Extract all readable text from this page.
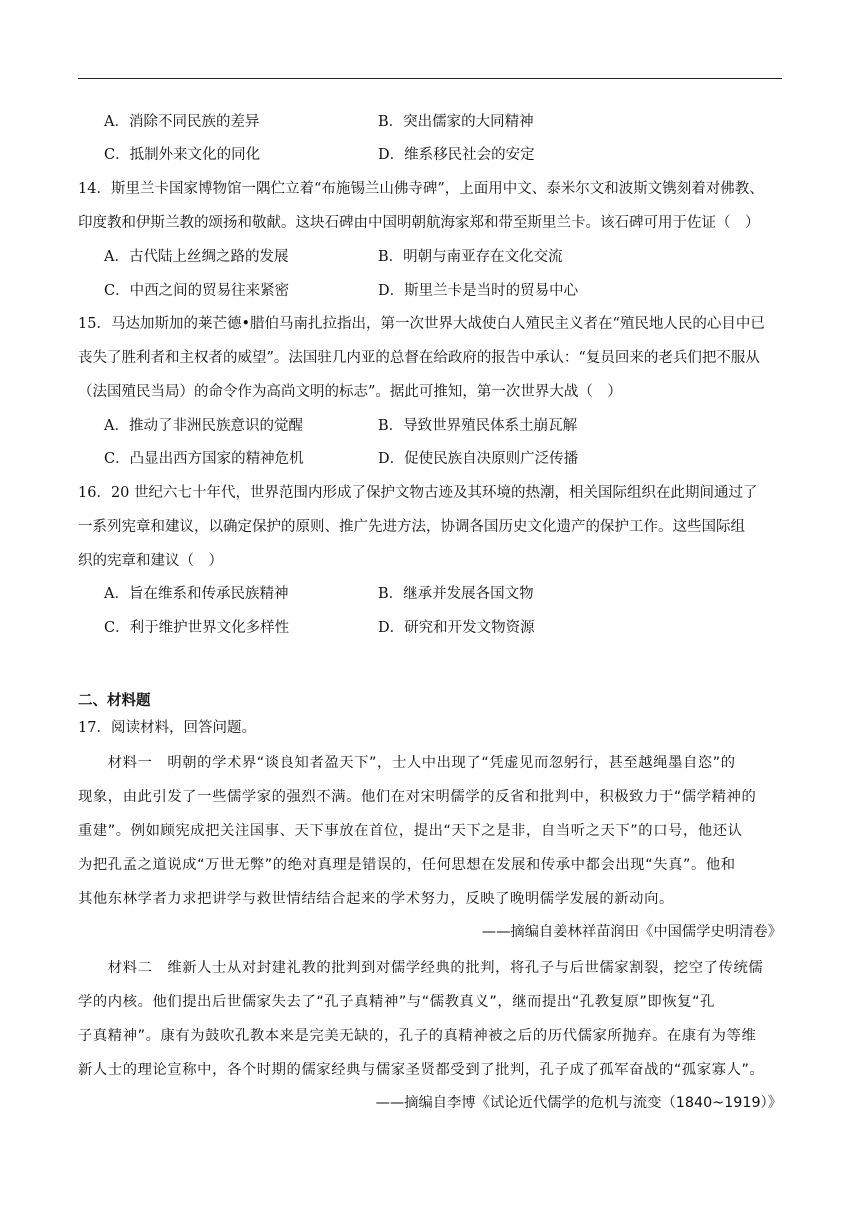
A．消除不同民族的差异	B．突出儒家的大同精神
C．抵制外来文化的同化	D．维系移民社会的安定
14．斯里兰卡国家博物馆一隅伫立着“布施锡兰山佛寺碑”，上面用中文、泰米尔文和波斯文镌刻着对佛教、
印度教和伊斯兰教的颂扬和敬献。这块石碑由中国明朝航海家郑和带至斯里兰卡。该石碑可用于佐证（　）
A．古代陆上丝绸之路的发展	B．明朝与南亚存在文化交流
C．中西之间的贸易往来紧密	D．斯里兰卡是当时的贸易中心
15．马达加斯加的莱芒德•腊伯马南扎拉指出，第一次世界大战使白人殖民主义者在“殖民地人民的心目中已
丧失了胜利者和主权者的威望”。法国驻几内亚的总督在给政府的报告中承认：“复员回来的老兵们把不服从
（法国殖民当局）的命令作为高尚文明的标志”。据此可推知，第一次世界大战（　）
A．推动了非洲民族意识的觉醒	B．导致世界殖民体系土崩瓦解
C．凸显出西方国家的精神危机	D．促使民族自决原则广泛传播
16．20 世纪六七十年代，世界范围内形成了保护文物古迹及其环境的热潮，相关国际组织在此期间通过了
一系列宪章和建议，以确定保护的原则、推广先进方法，协调各国历史文化遗产的保护工作。这些国际组
织的宪章和建议（　）
A．旨在维系和传承民族精神	B．继承并发展各国文物
C．利于维护世界文化多样性	D．研究和开发文物资源
二、材料题
17．阅读材料，回答问题。
　　材料一　明朝的学术界“谈良知者盈天下”，士人中出现了“凭虚见而忽躬行，甚至越绳墨自恣”的
现象，由此引发了一些儒学家的强烈不满。他们在对宋明儒学的反省和批判中，积极致力于“儒学精神的
重建”。例如顾宪成把关注国事、天下事放在首位，提出“天下之是非，自当听之天下”的口号，他还认
为把孔孟之道说成“万世无弊”的绝对真理是错误的，任何思想在发展和传承中都会出现“失真”。他和
其他东林学者力求把讲学与救世情结结合起来的学术努力，反映了晚明儒学发展的新动向。
——摘编自姜林祥苗润田《中国儒学史明清卷》
　　材料二　维新人士从对封建礼教的批判到对儒学经典的批判，将孔子与后世儒家割裂，挖空了传统儒
学的内核。他们提出后世儒家失去了“孔子真精神”与“儒教真义”，继而提出“孔教复原”即恢复“孔
子真精神”。康有为鼓吹孔教本来是完美无缺的，孔子的真精神被之后的历代儒家所抛弃。在康有为等维
新人士的理论宣称中，各个时期的儒家经典与儒家圣贤都受到了批判，孔子成了孤军奋战的“孤家寡人”。
——摘编自李博《试论近代儒学的危机与流变（1840~1919）》
